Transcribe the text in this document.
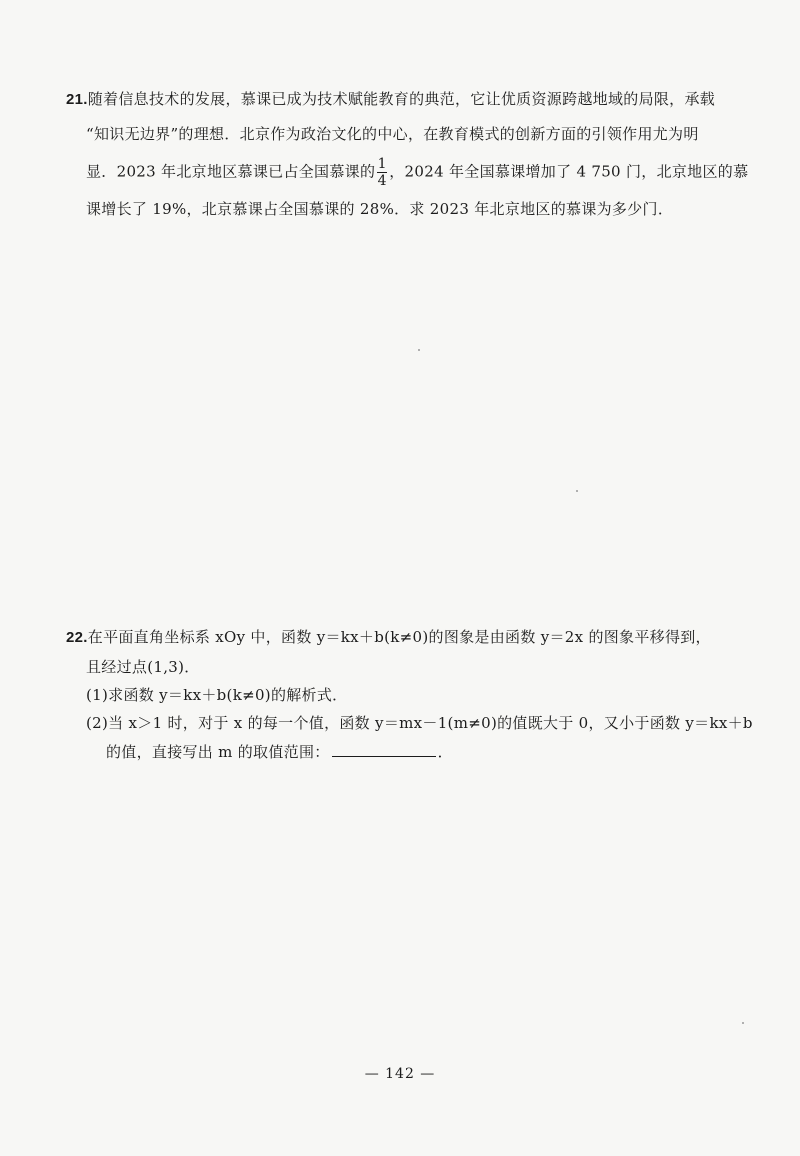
21.随着信息技术的发展，慕课已成为技术赋能教育的典范，它让优质资源跨越地域的局限，承载
“知识无边界”的理想．北京作为政治文化的中心，在教育模式的创新方面的引领作用尤为明
显．2023 年北京地区慕课已占全国慕课的 $\frac{1}{4}$ ，2024 年全国慕课增加了 4 750 门，北京地区的慕
课增长了 19%，北京慕课占全国慕课的 28%．求 2023 年北京地区的慕课为多少门．
22.在平面直角坐标系 xOy 中，函数 y＝kx＋b(k≠0)的图象是由函数 y＝2x 的图象平移得到，
且经过点(1,3)．
(1)求函数 y＝kx＋b(k≠0)的解析式．
(2)当 x＞1 时，对于 x 的每一个值，函数 y＝mx－1(m≠0)的值既大于 0，又小于函数 y＝kx＋b
的值，直接写出 m 的取值范围：	．
— 142 —
